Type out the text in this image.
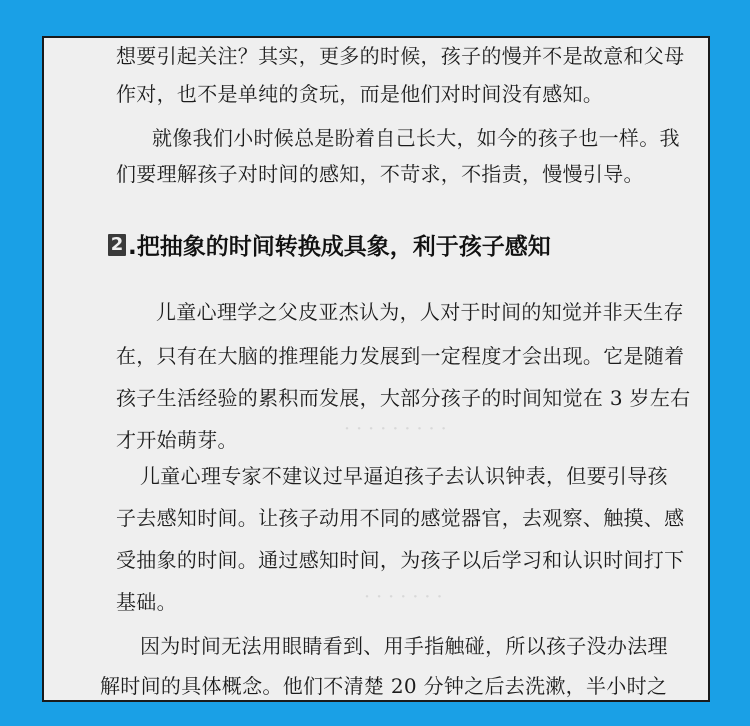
· · · · · · · · ·
· · · · · · ·
想要引起关注？其实，更多的时候，孩子的慢并不是故意和父母
作对，也不是单纯的贪玩，而是他们对时间没有感知。
就像我们小时候总是盼着自己长大，如今的孩子也一样。我
们要理解孩子对时间的感知，不苛求，不指责，慢慢引导。
2 .把抽象的时间转换成具象，利于孩子感知
儿童心理学之父皮亚杰认为，人对于时间的知觉并非天生存
在，只有在大脑的推理能力发展到一定程度才会出现。它是随着
孩子生活经验的累积而发展，大部分孩子的时间知觉在 3 岁左右
才开始萌芽。
儿童心理专家不建议过早逼迫孩子去认识钟表，但要引导孩
子去感知时间。让孩子动用不同的感觉器官，去观察、触摸、感
受抽象的时间。通过感知时间，为孩子以后学习和认识时间打下
基础。
因为时间无法用眼睛看到、用手指触碰，所以孩子没办法理
解时间的具体概念。他们不清楚 20 分钟之后去洗漱，半小时之
